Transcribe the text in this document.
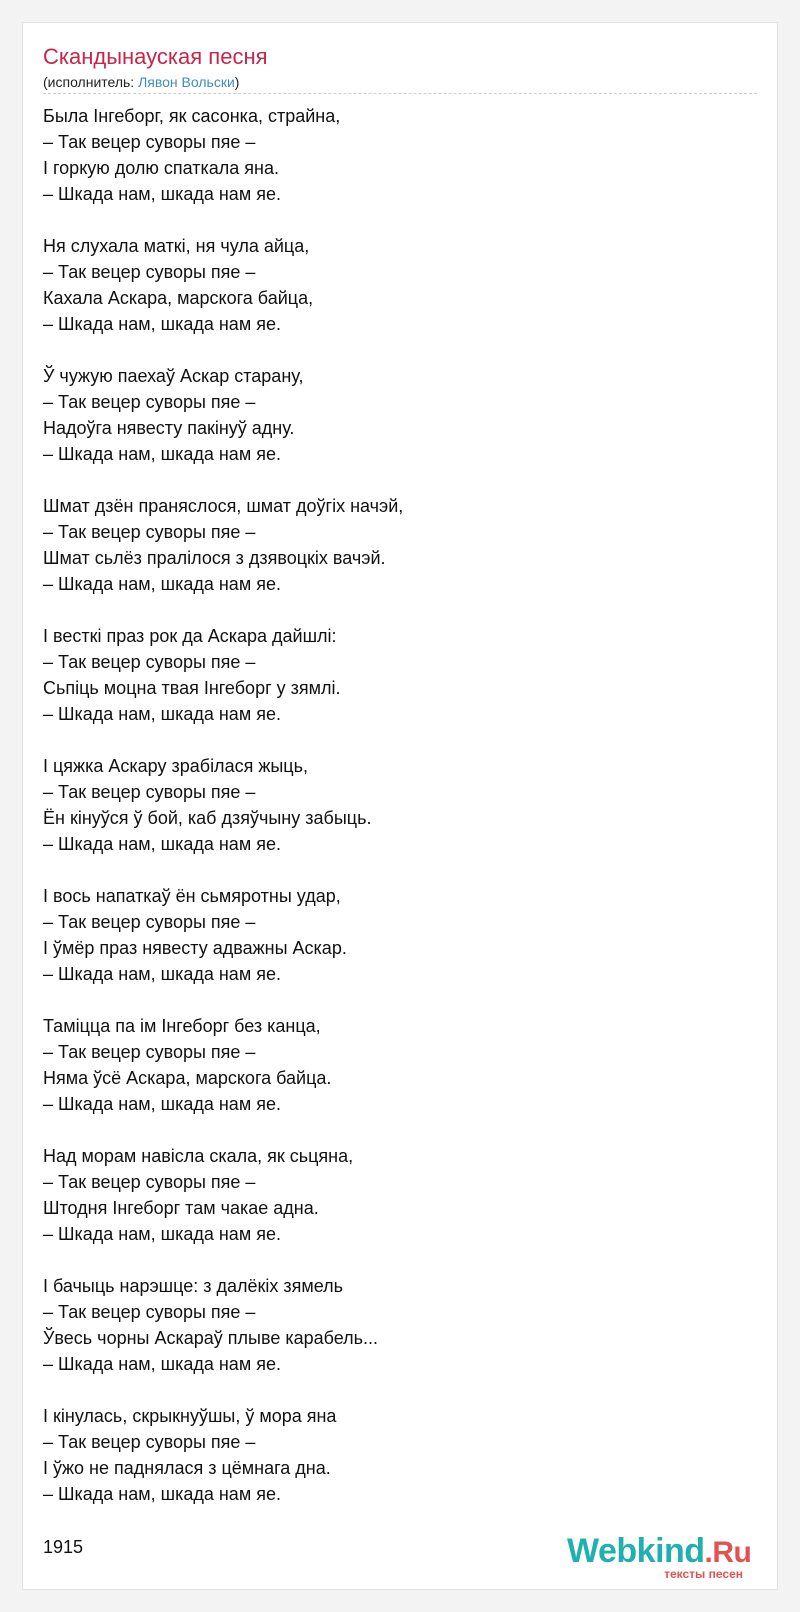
Скандынауская песня
(исполнитель: Лявон Вольски)
Была Інгеборг, як сасонка, страйна,
– Так вецер суворы пяе –
І горкую долю спаткала яна.
– Шкада нам, шкада нам яе.
Ня слухала маткі, ня чула айца,
– Так вецер суворы пяе –
Кахала Аскара, марскога байца,
– Шкада нам, шкада нам яе.
Ў чужую паехаў Аскар старану,
– Так вецер суворы пяе –
Надоўга нявесту пакінуў адну.
– Шкада нам, шкада нам яе.
Шмат дзён праняслося, шмат доўгіх начэй,
– Так вецер суворы пяе –
Шмат сьлёз пралілося з дзявоцкіх вачэй.
– Шкада нам, шкада нам яе.
І весткі праз рок да Аскара дайшлі:
– Так вецер суворы пяе –
Сьпіць моцна твая Інгеборг у зямлі.
– Шкада нам, шкада нам яе.
І цяжка Аскару зрабілася жыць,
– Так вецер суворы пяе –
Ён кінуўся ў бой, каб дзяўчыну забыць.
– Шкада нам, шкада нам яе.
І вось напаткаў ён сьмяротны удар,
– Так вецер суворы пяе –
І ўмёр праз нявесту адважны Аскар.
– Шкада нам, шкада нам яе.
Таміцца па ім Інгеборг без канца,
– Так вецер суворы пяе –
Няма ўсё Аскара, марскога байца.
– Шкада нам, шкада нам яе.
Над морам навісла скала, як сьцяна,
– Так вецер суворы пяе –
Штодня Інгеборг там чакае адна.
– Шкада нам, шкада нам яе.
І бачыць нарэшце: з далёкіх зямель
– Так вецер суворы пяе –
Ўвесь чорны Аскараў плыве карабель...
– Шкада нам, шкада нам яе.
І кінулась, скрыкнуўшы, ў мора яна
– Так вецер суворы пяе –
І ўжо не паднялася з цёмнага дна.
– Шкада нам, шкада нам яе.
1915	Webkind.Ru
тексты песен
